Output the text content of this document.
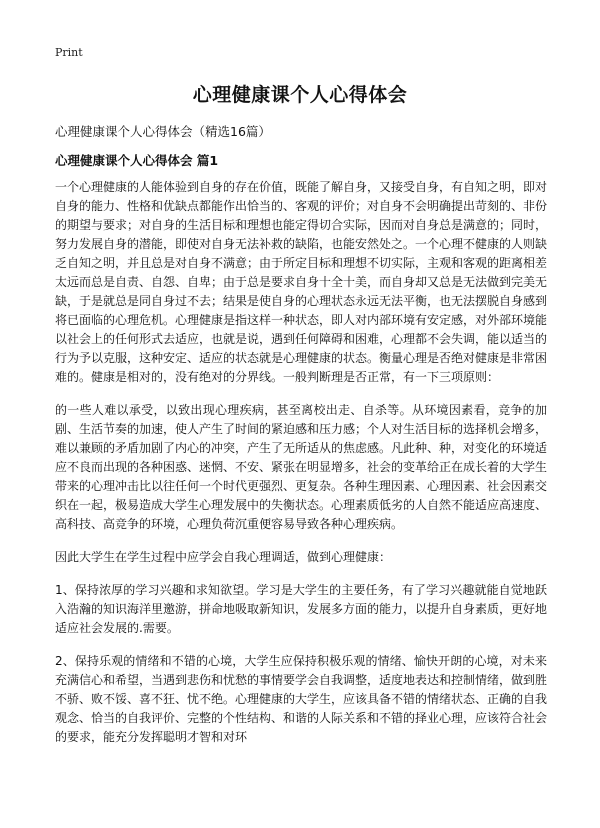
Print
心理健康课个人心得体会

心理健康课个人心得体会（精选16篇）

心理健康课个人心得体会 篇1

一个心理健康的人能体验到自身的存在价值，既能了解自身，又接受自身，有自知之明，即对自身的能力、性格和优缺点都能作出恰当的、客观的评价；对自身不会明确提出苛刻的、非份的期望与要求；对自身的生活目标和理想也能定得切合实际，因而对自身总是满意的；同时，努力发展自身的潜能，即使对自身无法补救的缺陷，也能安然处之。一个心理不健康的人则缺乏自知之明，并且总是对自身不满意；由于所定目标和理想不切实际，主观和客观的距离相差太远而总是自责、自怨、自卑；由于总是要求自身十全十美，而自身却又总是无法做到完美无缺，于是就总是同自身过不去；结果是使自身的心理状态永远无法平衡，也无法摆脱自身感到将已面临的心理危机。心理健康是指这样一种状态，即人对内部环境有安定感，对外部环境能以社会上的任何形式去适应，也就是说，遇到任何障碍和困难，心理都不会失调，能以适当的行为予以克服，这种安定、适应的状态就是心理健康的状态。衡量心理是否绝对健康是非常困难的。健康是相对的，没有绝对的分界线。一般判断理是否正常，有一下三项原则：

的一些人难以承受，以致出现心理疾病，甚至离校出走、自杀等。从环境因素看，竞争的加剧、生活节奏的加速，使人产生了时间的紧迫感和压力感；个人对生活目标的选择机会增多，难以兼顾的矛盾加剧了内心的冲突，产生了无所适从的焦虑感。凡此种、种，对变化的环境适应不良而出现的各种困惑、迷惘、不安、紧张在明显增多，社会的变革给正在成长着的大学生带来的心理冲击比以往任何一个时代更强烈、更复杂。各种生理因素、心理因素、社会因素交织在一起，极易造成大学生心理发展中的失衡状态。心理素质低劣的人自然不能适应高速度、高科技、高竞争的环境，心理负荷沉重便容易导致各种心理疾病。

因此大学生在学生过程中应学会自我心理调适，做到心理健康：

1、保持浓厚的学习兴趣和求知欲望。学习是大学生的主要任务，有了学习兴趣就能自觉地跃入浩瀚的知识海洋里邀游，拼命地吸取新知识，发展多方面的能力，以提升自身素质，更好地适应社会发展的.需要。

2、保持乐观的情绪和不错的心境，大学生应保持积极乐观的情绪、愉快开朗的心境，对未来充满信心和希望，当遇到悲伤和忧愁的事情要学会自我调整，适度地表达和控制情绪，做到胜不骄、败不馁、喜不狂、忧不绝。心理健康的大学生，应该具备不错的情绪状态、正确的自我观念、恰当的自我评价、完整的个性结构、和谐的人际关系和不错的择业心理，应该符合社会的要求，能充分发挥聪明才智和对环
